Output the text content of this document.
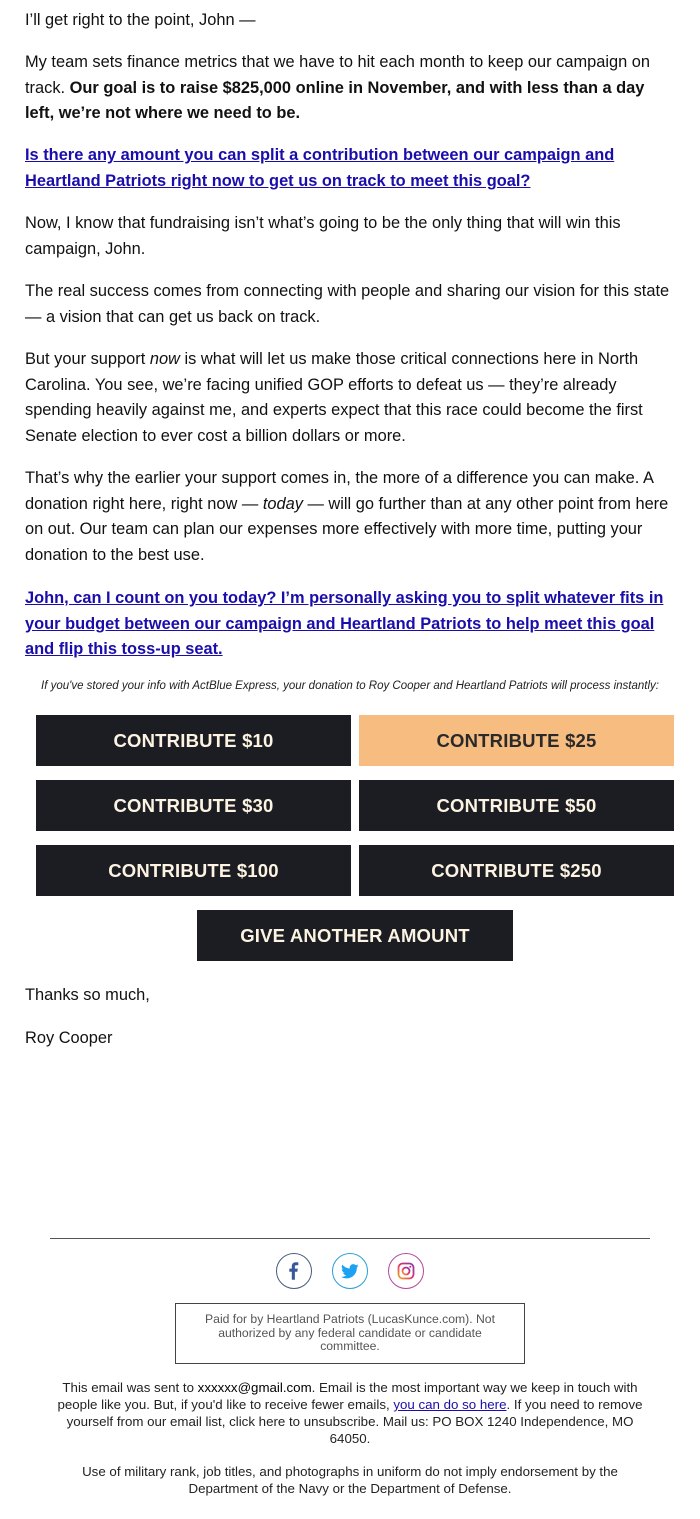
I’ll get right to the point, John —

My team sets finance metrics that we have to hit each month to keep our campaign on track. Our goal is to raise $825,000 online in November, and with less than a day left, we’re not where we need to be.

Is there any amount you can split a contribution between our campaign and Heartland Patriots right now to get us on track to meet this goal?

Now, I know that fundraising isn’t what’s going to be the only thing that will win this campaign, John.

The real success comes from connecting with people and sharing our vision for this state — a vision that can get us back on track.

But your support now is what will let us make those critical connections here in North Carolina. You see, we’re facing unified GOP efforts to defeat us — they’re already spending heavily against me, and experts expect that this race could become the first Senate election to ever cost a billion dollars or more.

That’s why the earlier your support comes in, the more of a difference you can make. A donation right here, right now — today — will go further than at any other point from here on out. Our team can plan our expenses more effectively with more time, putting your donation to the best use.

John, can I count on you today? I’m personally asking you to split whatever fits in your budget between our campaign and Heartland Patriots to help meet this goal and flip this toss-up seat.

If you've stored your info with ActBlue Express, your donation to Roy Cooper and Heartland Patriots will process instantly:
CONTRIBUTE $10	CONTRIBUTE $25
CONTRIBUTE $30	CONTRIBUTE $50
CONTRIBUTE $100	CONTRIBUTE $250
GIVE ANOTHER AMOUNT
Thanks so much,
Roy Cooper
Paid for by Heartland Patriots (LucasKunce.com). Not authorized by any federal candidate or candidate committee.
This email was sent to xxxxxx@gmail.com. Email is the most important way we keep in touch with people like you. But, if you'd like to receive fewer emails, you can do so here. If you need to remove yourself from our email list, click here to unsubscribe. Mail us: PO BOX 1240 Independence, MO 64050.
Use of military rank, job titles, and photographs in uniform do not imply endorsement by the Department of the Navy or the Department of Defense.
